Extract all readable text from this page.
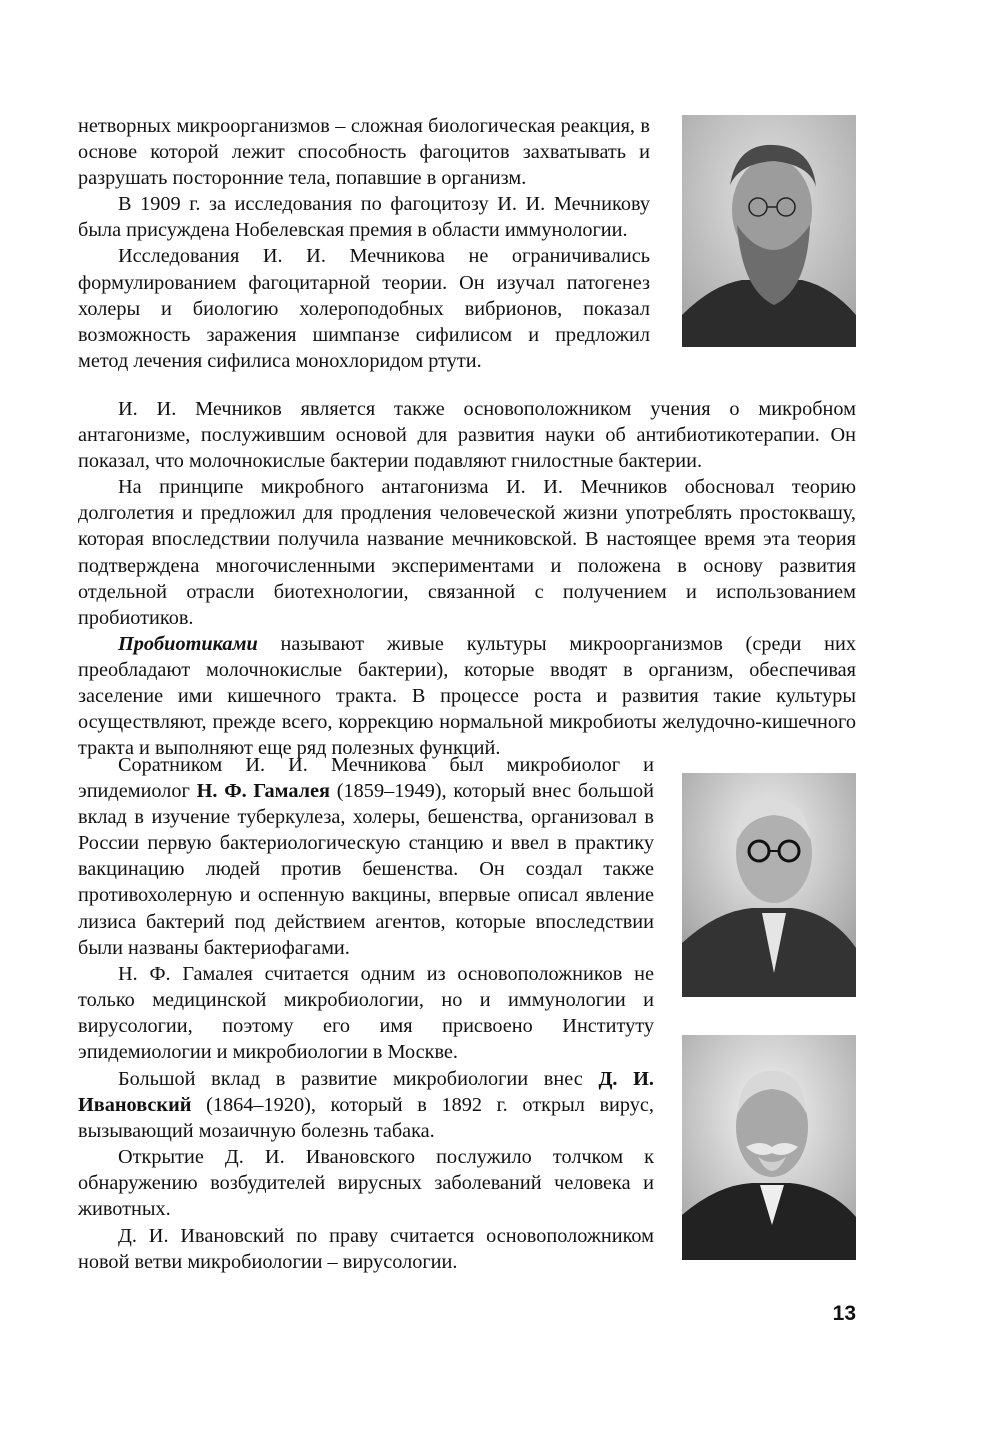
нетворных микроорганизмов – сложная биологическая реакция, в основе которой лежит способность фагоцитов захватывать и разрушать посторонние тела, попавшие в организм.

В 1909 г. за исследования по фагоцитозу И. И. Мечникову была присуждена Нобелевская премия в области иммунологии.

Исследования И. И. Мечникова не ограничивались формулированием фагоцитарной теории. Он изучал патогенез холеры и биологию холероподобных вибрионов, показал возможность заражения шимпанзе сифилисом и предложил метод лечения сифилиса монохлоридом ртути.

И. И. Мечников является также основоположником учения о микробном антагонизме, послужившим основой для развития науки об антибиотикотерапии. Он показал, что молочнокислые бактерии подавляют гнилостные бактерии.

На принципе микробного антагонизма И. И. Мечников обосновал теорию долголетия и предложил для продления человеческой жизни употреблять простоквашу, которая впоследствии получила название мечниковской. В настоящее время эта теория подтверждена многочисленными экспериментами и положена в основу развития отдельной отрасли биотехнологии, связанной с получением и использованием пробиотиков.

Пробиотиками называют живые культуры микроорганизмов (среди них преобладают молочнокислые бактерии), которые вводят в организм, обеспечивая заселение ими кишечного тракта. В процессе роста и развития такие культуры осуществляют, прежде всего, коррекцию нормальной микробиоты желудочно-кишечного тракта и выполняют еще ряд полезных функций.

Соратником И. И. Мечникова был микробиолог и эпидемиолог Н. Ф. Гамалея (1859–1949), который внес большой вклад в изучение туберкулеза, холеры, бешенства, организовал в России первую бактериологическую станцию и ввел в практику вакцинацию людей против бешенства. Он создал также противохолерную и оспенную вакцины, впервые описал явление лизиса бактерий под действием агентов, которые впоследствии были названы бактериофагами.

Н. Ф. Гамалея считается одним из основоположников не только медицинской микробиологии, но и иммунологии и вирусологии, поэтому его имя присвоено Институту эпидемиологии и микробиологии в Москве.

Большой вклад в развитие микробиологии внес Д. И. Ивановский (1864–1920), который в 1892 г. открыл вирус, вызывающий мозаичную болезнь табака.

Открытие Д. И. Ивановского послужило толчком к обнаружению возбудителей вирусных заболеваний человека и животных.

Д. И. Ивановский по праву считается основоположником новой ветви микробиологии – вирусологии.

13
